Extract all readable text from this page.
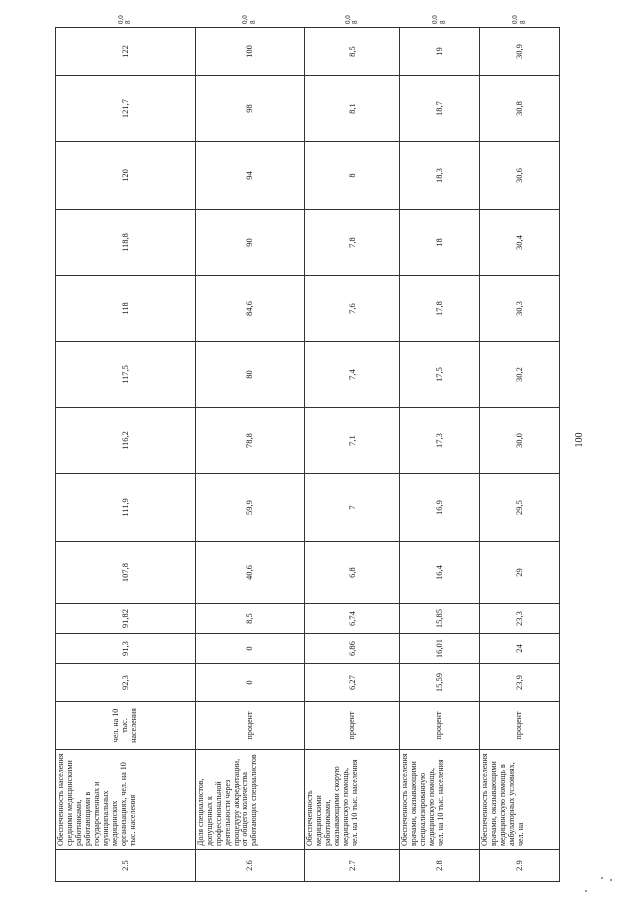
2.5	Обеспеченность населения средними медицинскими работниками, работающими в государственных и муниципальных медицинских организациях, чел. на 10 тыс. населения	чел. на 10 тыс. населения	92,3	91,3	91,82	107,8	111,9	116,2	117,5	118	118,8	120	121,7	122	0,0 8
2.6	Доля специалистов, допущенных к профессиональной деятельности через процедуру аккредитации, от общего количества работающих специалистов	процент	0	0	8,5	40,6	59,9	78,8	80	84,6	90	94	98	100	0,0 8
2.7	Обеспеченность медицинскими работниками, оказывающими скорую медицинскую помощь, чел. на 10 тыс. населения	процент	6,27	6,86	6,74	6,8	7	7,1	7,4	7,6	7,8	8	8,1	8,5	0,0 8
2.8	Обеспеченность населения врачами, оказывающими специализированную медицинскую помощь, чел. на 10 тыс. населения	процент	15,59	16,01	15,85	16,4	16,9	17,3	17,5	17,8	18	18,3	18,7	19	0,0 8
2.9	Обеспеченность населения врачами, оказывающими медицинскую помощь в амбулаторных условиях, чел. на	процент	23,9	24	23,3	29	29,5	30,0	30,2	30,3	30,4	30,6	30,8	30,9	0,0 8
100
